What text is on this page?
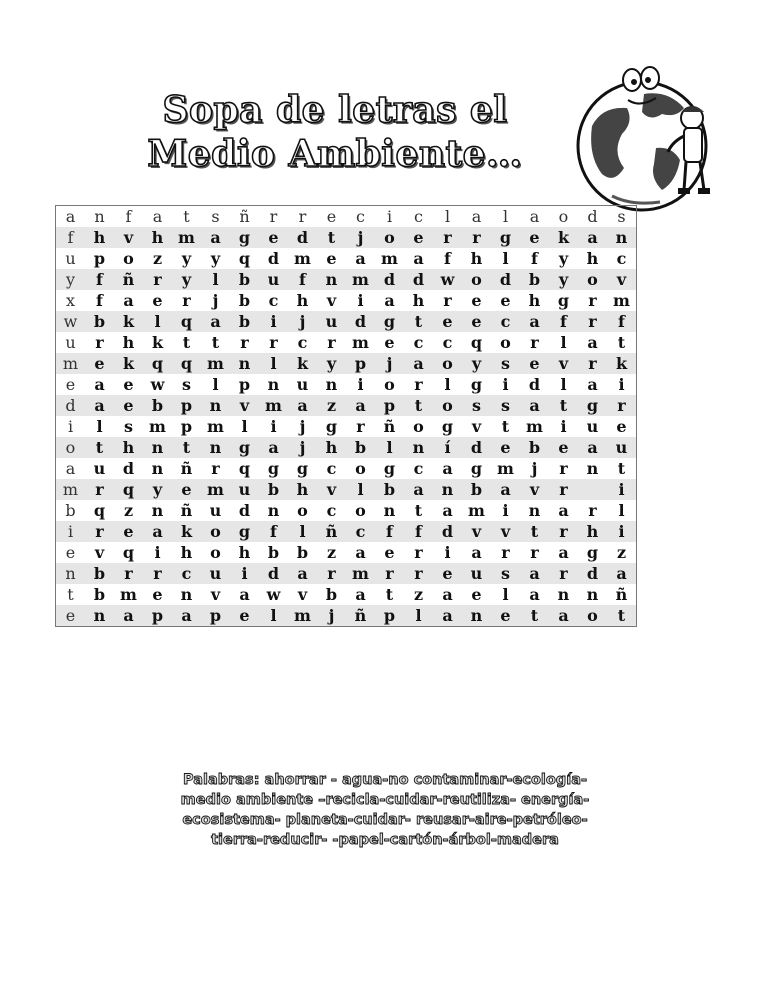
Sopa de letras el
Medio Ambiente…
a	n	f	a	t	s	ñ	r	r	e	c	i	c	l	a	l	a	o	d	s
f	h	v	h	m	a	g	e	d	t	j	o	e	r	r	g	e	k	a	n
u	p	o	z	y	y	q	d	m	e	a	m	a	f	h	l	f	y	h	c
y	f	ñ	r	y	l	b	u	f	n	m	d	d	w	o	d	b	y	o	v
x	f	a	e	r	j	b	c	h	v	i	a	h	r	e	e	h	g	r	m
w	b	k	l	q	a	b	i	j	u	d	g	t	e	e	c	a	f	r	f
u	r	h	k	t	t	r	r	c	r	m	e	c	c	q	o	r	l	a	t
m	e	k	q	q	m	n	l	k	y	p	j	a	o	y	s	e	v	r	k
e	a	e	w	s	l	p	n	u	n	i	o	r	l	g	i	d	l	a	i
d	a	e	b	p	n	v	m	a	z	a	p	t	o	s	s	a	t	g	r
i	l	s	m	p	m	l	i	j	g	r	ñ	o	g	v	t	m	i	u	e
o	t	h	n	t	n	g	a	j	h	b	l	n	í	d	e	b	e	a	u
a	u	d	n	ñ	r	q	g	g	c	o	g	c	a	g	m	j	r	n	t
m	r	q	y	e	m	u	b	h	v	l	b	a	n	b	a	v	r		i
b	q	z	n	ñ	u	d	n	o	c	o	n	t	a	m	i	n	a	r	l
i	r	e	a	k	o	g	f	l	ñ	c	f	f	d	v	v	t	r	h	i
e	v	q	i	h	o	h	b	b	z	a	e	r	i	a	r	r	a	g	z
n	b	r	r	c	u	i	d	a	r	m	r	r	e	u	s	a	r	d	a
t	b	m	e	n	v	a	w	v	b	a	t	z	a	e	l	a	n	n	ñ
e	n	a	p	a	p	e	l	m	j	ñ	p	l	a	n	e	t	a	o	t
Palabras: ahorrar - agua-no contaminar-ecología-
medio ambiente –recicla-cuidar-reutiliza- energía-
ecosistema- planeta-cuidar- reusar-aire-petróleo-
tierra-reducir- -papel-cartón-árbol-madera
